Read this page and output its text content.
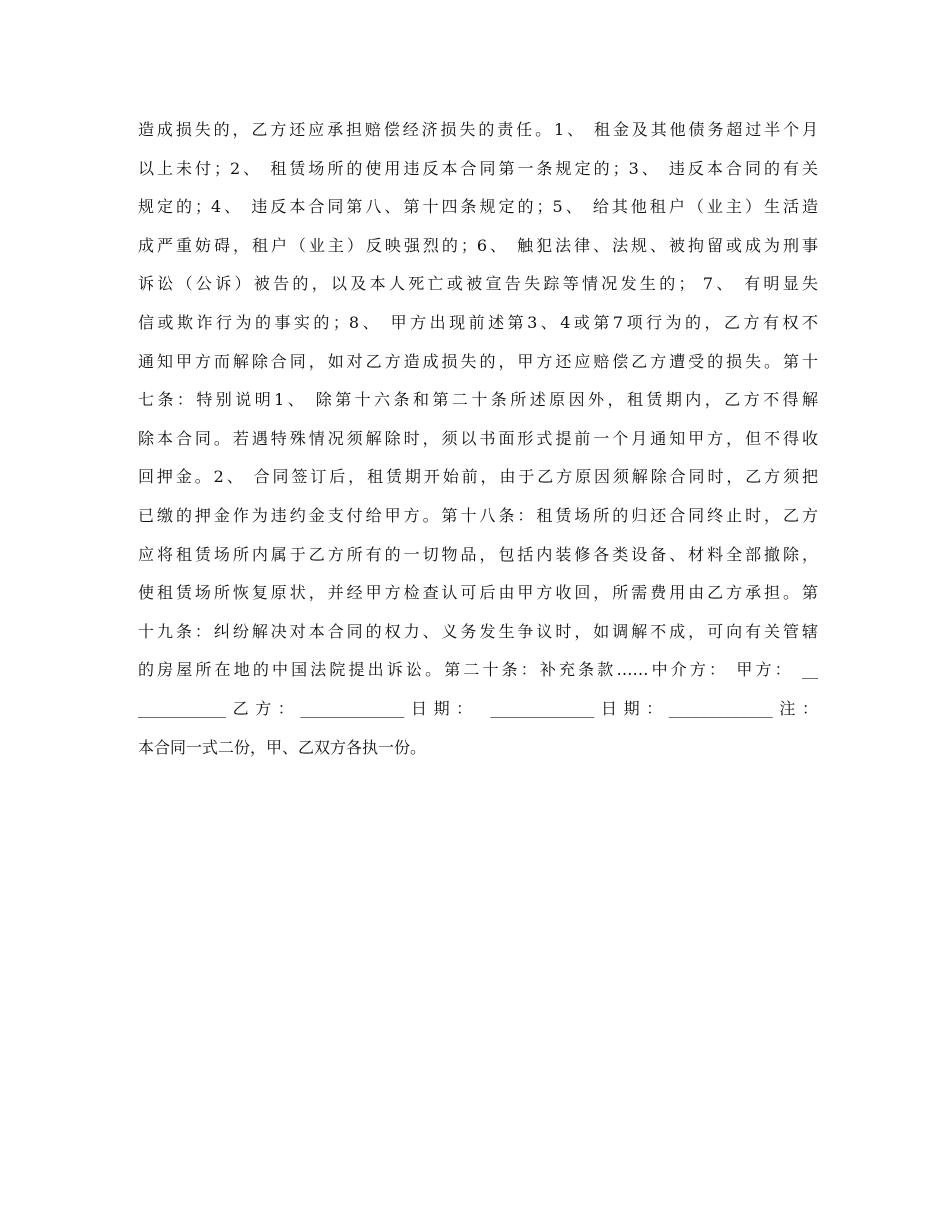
造成损失的，乙方还应承担赔偿经济损失的责任。1、 租金及其他债务超过半个月
以上未付；2、 租赁场所的使用违反本合同第一条规定的；3、 违反本合同的有关
规定的；4、 违反本合同第八、第十四条规定的；5、 给其他租户（业主）生活造
成严重妨碍，租户（业主）反映强烈的；6、 触犯法律、法规、被拘留或成为刑事
诉讼（公诉）被告的，以及本人死亡或被宣告失踪等情况发生的； 7、 有明显失
信或欺诈行为的事实的；8、 甲方出现前述第3、4或第7项行为的，乙方有权不
通知甲方而解除合同，如对乙方造成损失的，甲方还应赔偿乙方遭受的损失。第十
七条：特别说明1、 除第十六条和第二十条所述原因外，租赁期内，乙方不得解
除本合同。若遇特殊情况须解除时，须以书面形式提前一个月通知甲方，但不得收
回押金。2、 合同签订后，租赁期开始前，由于乙方原因须解除合同时，乙方须把
已缴的押金作为违约金支付给甲方。第十八条：租赁场所的归还合同终止时，乙方
应将租赁场所内属于乙方所有的一切物品，包括内装修各类设备、材料全部撤除，
使租赁场所恢复原状，并经甲方检查认可后由甲方收回，所需费用由乙方承担。第
十九条：纠纷解决对本合同的权力、义务发生争议时，如调解不成，可向有关管辖
的房屋所在地的中国法院提出诉讼。第二十条：补充条款……中介方： 甲方： __
___________乙方：_____________日期： _____________日期：_____________注：
本合同一式二份，甲、乙双方各执一份。
